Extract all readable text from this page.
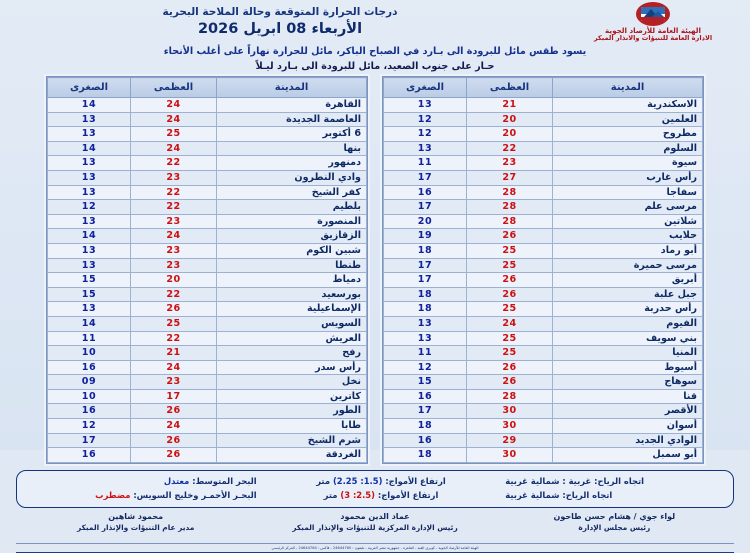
الهيئة العامة للأرصاد الجوية
الادارة العامة للتنبؤات والانذار المبكر
درجات الحرارة المتوقعة وحالة الملاحة البحرية
الأربعاء 08 ابريل 2026
يسود طقس مائل للبرودة الى بـارد في الصباح الباكر، مائل للحرارة نهاراً على أغلب الأنحاء
حـار على جنوب الصعيد، مائل للبرودة الى بـارد ليـلاً
المدينة	العظمى	الصغرى
القاهرة	24	14
العاصمة الجديدة	24	13
6 أكتوبر	25	13
بنها	24	14
دمنهور	22	13
وادي النطرون	23	13
كفر الشيخ	22	13
بلطيم	22	12
المنصورة	23	13
الزقازيق	24	14
شبين الكوم	23	13
طنطا	23	13
دمياط	20	15
بورسعيد	22	15
الإسماعيلية	26	13
السويس	25	14
العريش	22	11
رفح	21	10
رأس سدر	24	16
نخل	23	09
كاترين	17	10
الطور	26	16
طابا	24	12
شرم الشيخ	26	17
الغردقة	26	16
المدينة	العظمى	الصغرى
الاسكندرية	21	13
العلمين	20	12
مطروح	20	12
السلوم	22	13
سيوة	23	11
رأس غارب	27	17
سفاجا	28	16
مرسى علم	28	17
شلاتين	28	20
حلايب	26	19
أبو رماد	25	18
مرسى حميرة	25	17
أبريق	26	17
جبل علبة	26	18
رأس حدربة	25	18
الفيوم	24	13
بني سويف	25	13
المنيا	25	11
أسيوط	26	12
سوهاج	26	15
قنا	28	16
الأقصر	30	17
أسوان	30	18
الوادي الجديد	29	16
أبو سمبل	30	18
البحر المتوسط: معتدل
البحـر الأحمـر وخليج السويس: مضطرب
ارتفاع الأمواج: (1.5: 2.25) متر
ارتفاع الأمواج: (2.5: 3) متر
اتجاه الرياح: غربية : شمالية غربية
اتجاه الرياح: شمالية غربية
محمود شاهين
مدير عام التنبؤات والإنذار المبكر
عماد الدين محمود
رئيس الإدارة المركزية للتنبؤات والإنذار المبكر
لواء جوي / هشام حسن طاحون
رئيس مجلس الإدارة
الهيئة العامة للأرصاد الجوية - كوبري القبة - القاهرة - جمهورية مصر العربية - تليفون : 24644760 - فاكس : 24644764 - المركز الرئيسي
